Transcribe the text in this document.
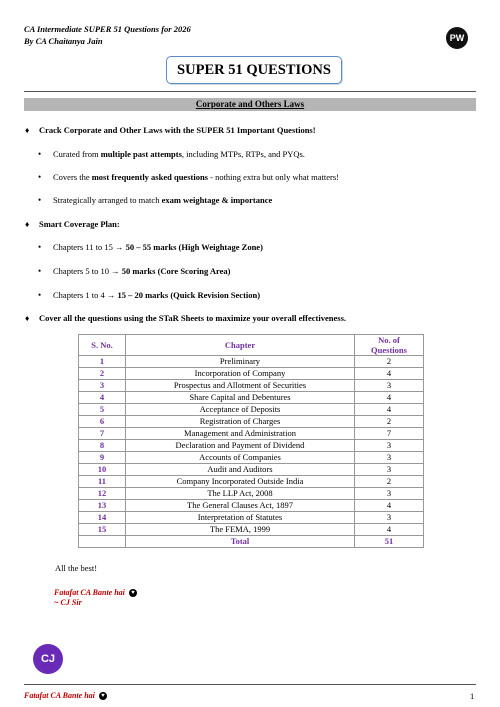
CA Intermediate SUPER 51 Questions for 2026
By CA Chaitanya Jain	PW
SUPER 51 QUESTIONS
Corporate and Others Laws
♦ Crack Corporate and Other Laws with the SUPER 51 Important Questions!
• Curated from multiple past attempts, including MTPs, RTPs, and PYQs.
• Covers the most frequently asked questions - nothing extra but only what matters!
• Strategically arranged to match exam weightage & importance
♦ Smart Coverage Plan:
• Chapters 11 to 15 → 50 – 55 marks (High Weightage Zone)
• Chapters 5 to 10 → 50 marks (Core Scoring Area)
• Chapters 1 to 4 → 15 – 20 marks (Quick Revision Section)
♦ Cover all the questions using the STaR Sheets to maximize your overall effectiveness.
S. No.	Chapter	No. of
Questions
1	Preliminary	2
2	Incorporation of Company	4
3	Prospectus and Allotment of Securities	3
4	Share Capital and Debentures	4
5	Acceptance of Deposits	4
6	Registration of Charges	2
7	Management and Administration	7
8	Declaration and Payment of Dividend	3
9	Accounts of Companies	3
10	Audit and Auditors	3
11	Company Incorporated Outside India	2
12	The LLP Act, 2008	3
13	The General Clauses Act, 1897	4
14	Interpretation of Statutes	3
15	The FEMA, 1999	4
	Total	51
All the best!
Fatafat CA Bante hai ♥
~ CJ Sir
CJ
Fatafat CA Bante hai ♥	1
